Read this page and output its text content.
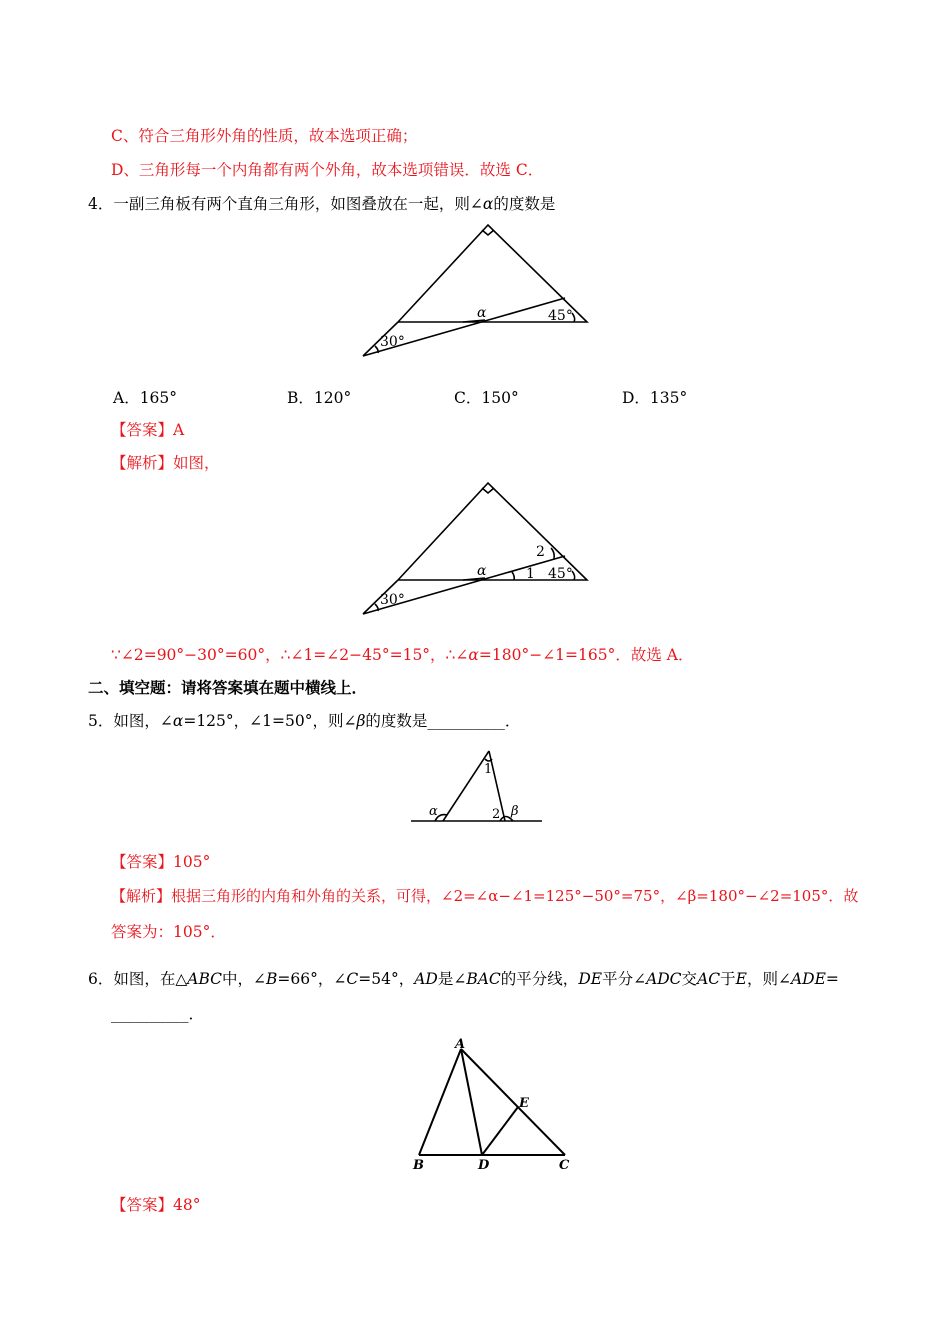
C、符合三角形外角的性质，故本选项正确；
D、三角形每一个内角都有两个外角，故本选项错误．故选 C．
4．一副三角板有两个直角三角形，如图叠放在一起，则∠α的度数是
α	45°
30°
A．165°	B．120°	C．150°	D．135°
【答案】A
【解析】如图，
α	45°
30°
1
2
∵∠2=90°−30°=60°，∴∠1=∠2−45°=15°，∴∠α=180°−∠1=165°．故选 A．
二、填空题：请将答案填在题中横线上．
5．如图，∠α=125°，∠1=50°，则∠β的度数是__________．
1
2
α	β
【答案】105°
【解析】根据三角形的内角和外角的关系，可得，∠2=∠α−∠1=125°−50°=75°，∠β=180°−∠2=105°．故
答案为：105°．
6．如图，在△ABC中，∠B=66°，∠C=54°，AD是∠BAC的平分线，DE平分∠ADC交AC于E，则∠ADE=
__________．
A
B	D	C
E
【答案】48°
